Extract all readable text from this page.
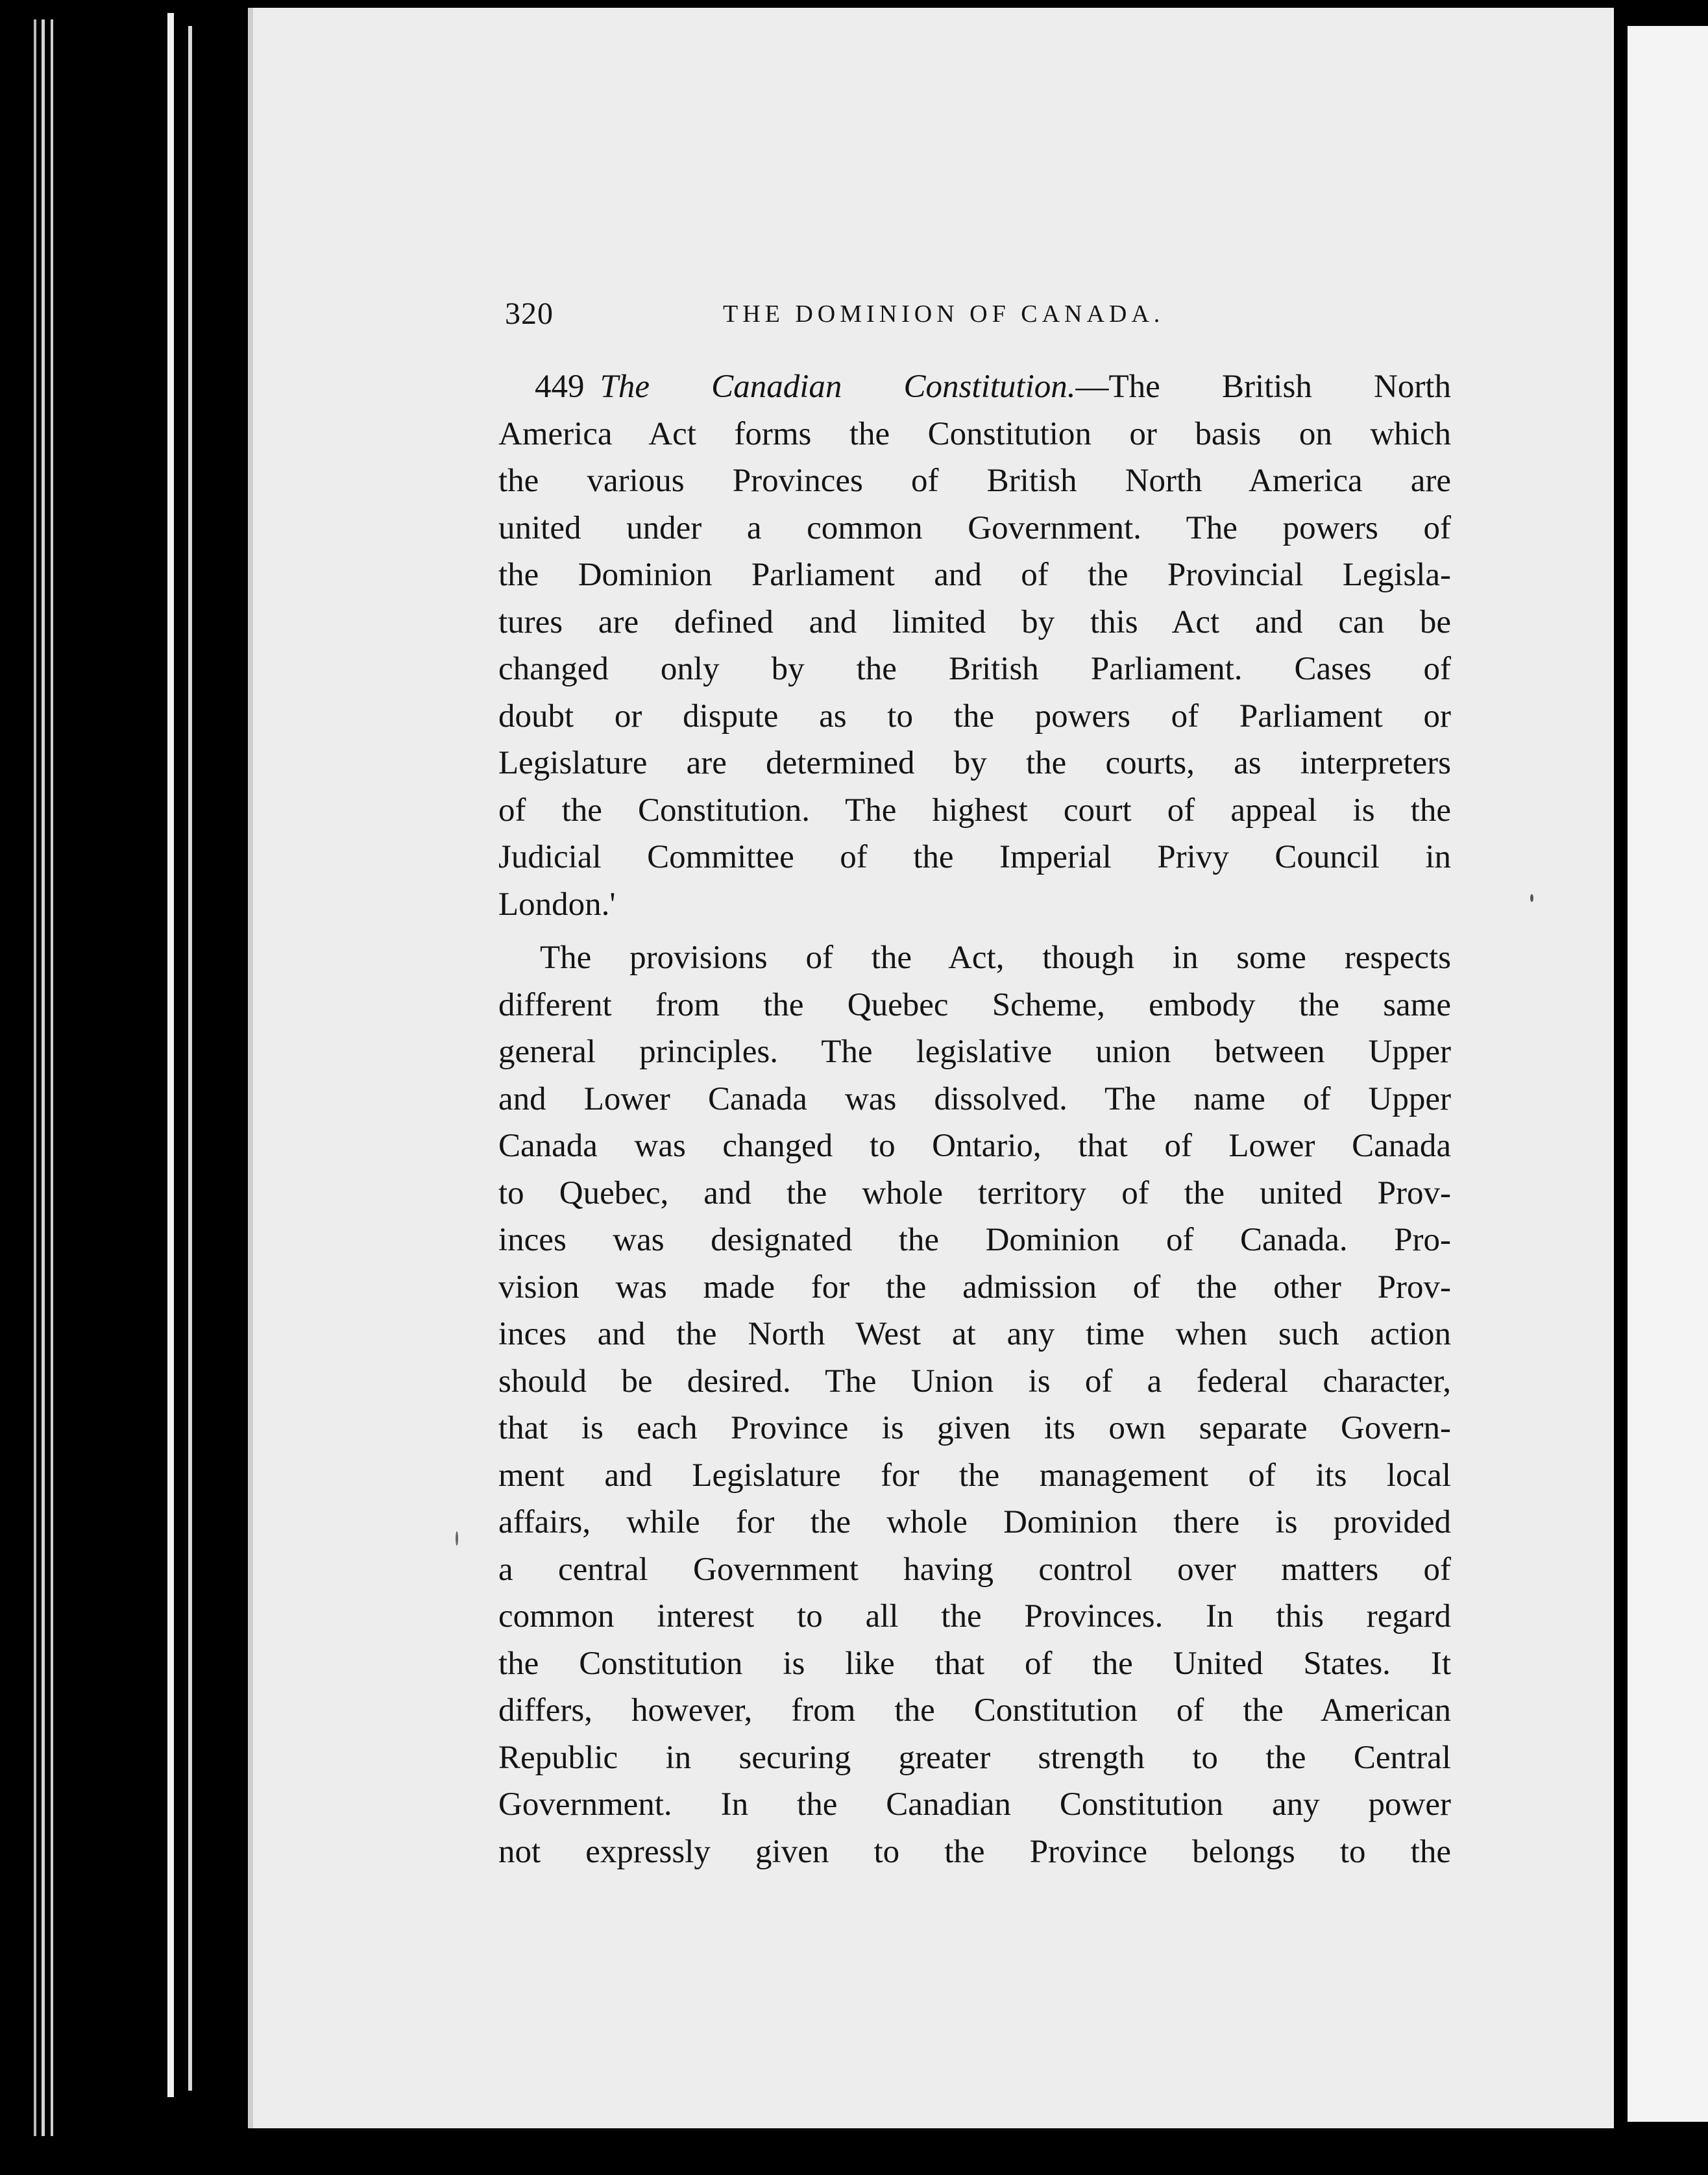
320	THE DOMINION OF CANADA.
449 The Canadian Constitution.—The British North
America Act forms the Constitution or basis on which
the various Provinces of British North America are
united under a common Government. The powers of
the Dominion Parliament and of the Provincial Legisla-
tures are defined and limited by this Act and can be
changed only by the British Parliament. Cases of
doubt or dispute as to the powers of Parliament or
Legislature are determined by the courts, as interpreters
of the Constitution. The highest court of appeal is the
Judicial Committee of the Imperial Privy Council in
London.'
The provisions of the Act, though in some respects
different from the Quebec Scheme, embody the same
general principles. The legislative union between Upper
and Lower Canada was dissolved. The name of Upper
Canada was changed to Ontario, that of Lower Canada
to Quebec, and the whole territory of the united Prov-
inces was designated the Dominion of Canada. Pro-
vision was made for the admission of the other Prov-
inces and the North West at any time when such action
should be desired. The Union is of a federal character,
that is each Province is given its own separate Govern-
ment and Legislature for the management of its local
affairs, while for the whole Dominion there is provided
a central Government having control over matters of
common interest to all the Provinces. In this regard
the Constitution is like that of the United States. It
differs, however, from the Constitution of the American
Republic in securing greater strength to the Central
Government. In the Canadian Constitution any power
not expressly given to the Province belongs to the
